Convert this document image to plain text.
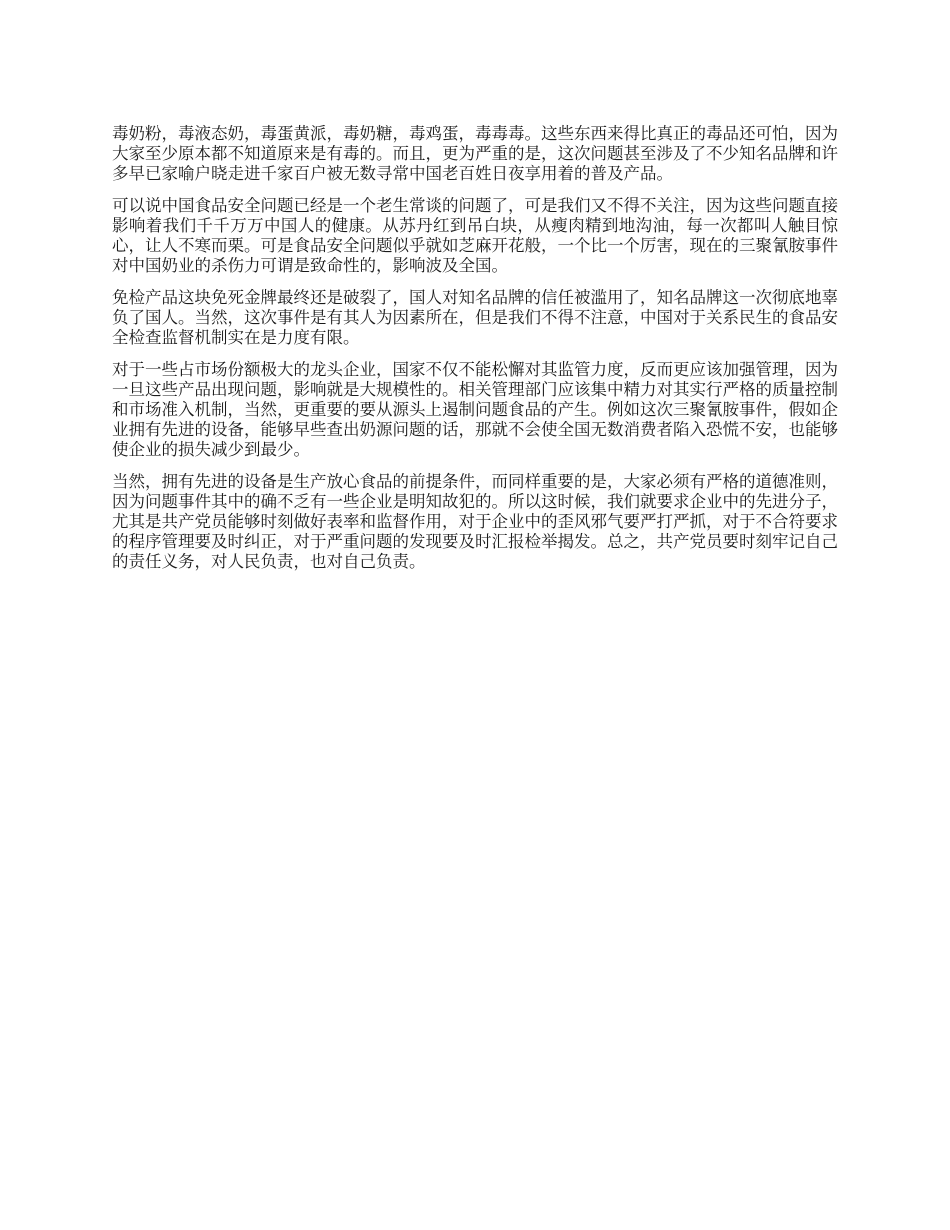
毒奶粉，毒液态奶，毒蛋黄派，毒奶糖，毒鸡蛋，毒毒毒。这些东西来得比真正的毒品还可怕，因为大家至少原本都不知道原来是有毒的。而且，更为严重的是，这次问题甚至涉及了不少知名品牌和许多早已家喻户晓走进千家百户被无数寻常中国老百姓日夜享用着的普及产品。

可以说中国食品安全问题已经是一个老生常谈的问题了，可是我们又不得不关注，因为这些问题直接影响着我们千千万万中国人的健康。从苏丹红到吊白块，从瘦肉精到地沟油，每一次都叫人触目惊心，让人不寒而栗。可是食品安全问题似乎就如芝麻开花般，一个比一个厉害，现在的三聚氰胺事件对中国奶业的杀伤力可谓是致命性的，影响波及全国。

免检产品这块免死金牌最终还是破裂了，国人对知名品牌的信任被滥用了，知名品牌这一次彻底地辜负了国人。当然，这次事件是有其人为因素所在，但是我们不得不注意，中国对于关系民生的食品安全检查监督机制实在是力度有限。

对于一些占市场份额极大的龙头企业，国家不仅不能松懈对其监管力度，反而更应该加强管理，因为一旦这些产品出现问题，影响就是大规模性的。相关管理部门应该集中精力对其实行严格的质量控制和市场准入机制，当然，更重要的要从源头上遏制问题食品的产生。例如这次三聚氰胺事件，假如企业拥有先进的设备，能够早些查出奶源问题的话，那就不会使全国无数消费者陷入恐慌不安，也能够使企业的损失减少到最少。

当然，拥有先进的设备是生产放心食品的前提条件，而同样重要的是，大家必须有严格的道德准则，因为问题事件其中的确不乏有一些企业是明知故犯的。所以这时候，我们就要求企业中的先进分子，尤其是共产党员能够时刻做好表率和监督作用，对于企业中的歪风邪气要严打严抓，对于不合符要求的程序管理要及时纠正，对于严重问题的发现要及时汇报检举揭发。总之，共产党员要时刻牢记自己的责任义务，对人民负责，也对自己负责。
